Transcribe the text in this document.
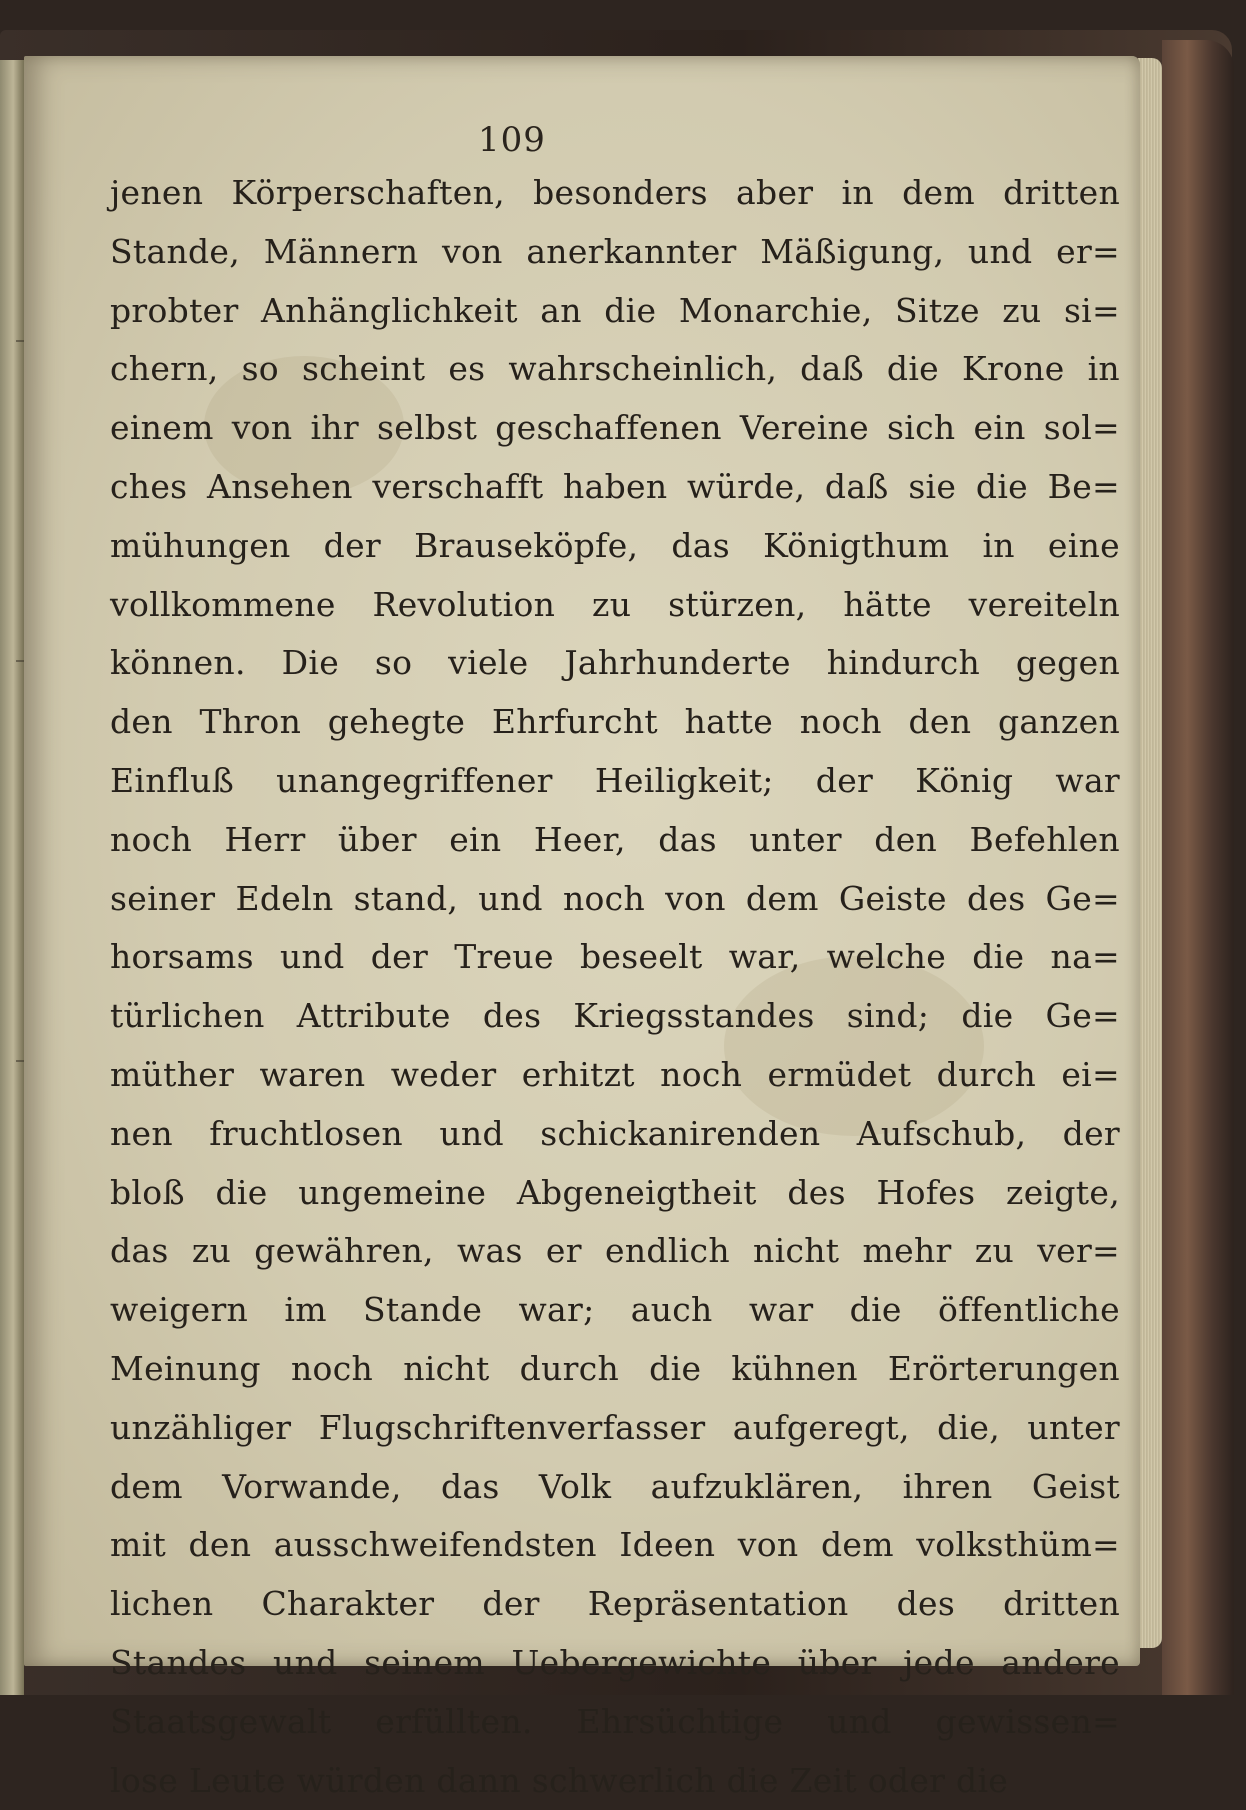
109
jenen Körperschaften, besonders aber in dem dritten
Stande, Männern von anerkannter Mäßigung, und er=
probter Anhänglichkeit an die Monarchie, Sitze zu si=
chern, so scheint es wahrscheinlich, daß die Krone in
einem von ihr selbst geschaffenen Vereine sich ein sol=
ches Ansehen verschafft haben würde, daß sie die Be=
mühungen der Brauseköpfe, das Königthum in eine
vollkommene Revolution zu stürzen, hätte vereiteln
können. Die so viele Jahrhunderte hindurch gegen
den Thron gehegte Ehrfurcht hatte noch den ganzen
Einfluß unangegriffener Heiligkeit; der König war
noch Herr über ein Heer, das unter den Befehlen
seiner Edeln stand, und noch von dem Geiste des Ge=
horsams und der Treue beseelt war, welche die na=
türlichen Attribute des Kriegsstandes sind; die Ge=
müther waren weder erhitzt noch ermüdet durch ei=
nen fruchtlosen und schickanirenden Aufschub, der
bloß die ungemeine Abgeneigtheit des Hofes zeigte,
das zu gewähren, was er endlich nicht mehr zu ver=
weigern im Stande war; auch war die öffentliche
Meinung noch nicht durch die kühnen Erörterungen
unzähliger Flugschriftenverfasser aufgeregt, die, unter
dem Vorwande, das Volk aufzuklären, ihren Geist
mit den ausschweifendsten Ideen von dem volksthüm=
lichen Charakter der Repräsentation des dritten
Standes und seinem Uebergewichte über jede andere
Staatsgewalt erfüllten. Ehrsüchtige und gewissen=
lose Leute würden dann schwerlich die Zeit oder die
